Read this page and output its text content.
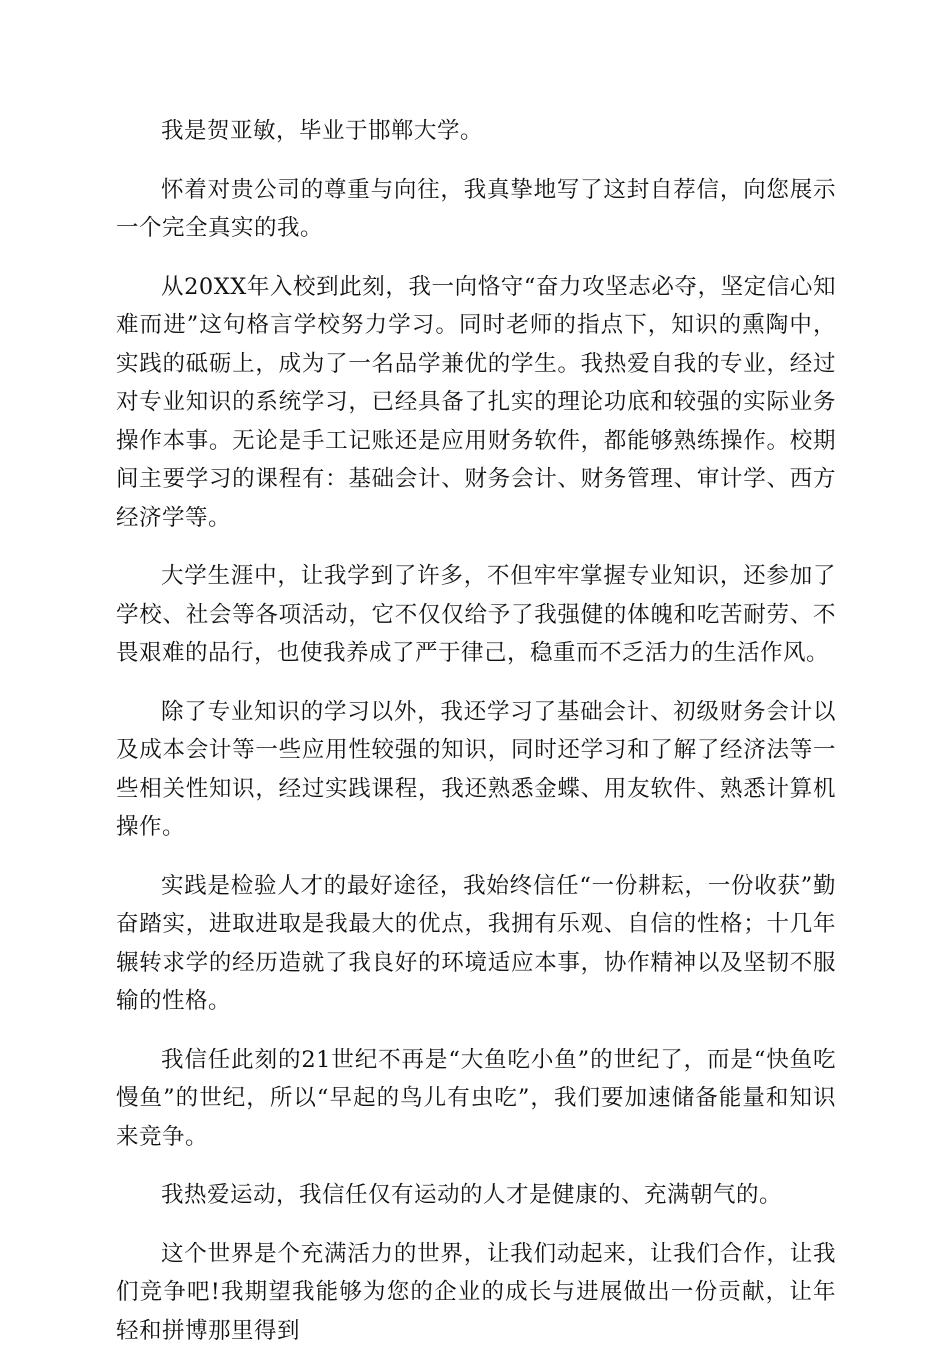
我是贺亚敏，毕业于邯郸大学。

怀着对贵公司的尊重与向往，我真挚地写了这封自荐信，向您展示一个完全真实的我。

从20XX年入校到此刻，我一向恪守“奋力攻坚志必夺，坚定信心知难而进”这句格言学校努力学习。同时老师的指点下，知识的熏陶中，实践的砥砺上，成为了一名品学兼优的学生。我热爱自我的专业，经过对专业知识的系统学习，已经具备了扎实的理论功底和较强的实际业务操作本事。无论是手工记账还是应用财务软件，都能够熟练操作。校期间主要学习的课程有：基础会计、财务会计、财务管理、审计学、西方经济学等。

大学生涯中，让我学到了许多，不但牢牢掌握专业知识，还参加了学校、社会等各项活动，它不仅仅给予了我强健的体魄和吃苦耐劳、不畏艰难的品行，也使我养成了严于律己，稳重而不乏活力的生活作风。

除了专业知识的学习以外，我还学习了基础会计、初级财务会计以及成本会计等一些应用性较强的知识，同时还学习和了解了经济法等一些相关性知识，经过实践课程，我还熟悉金蝶、用友软件、熟悉计算机操作。

实践是检验人才的最好途径，我始终信任“一份耕耘，一份收获”勤奋踏实，进取进取是我最大的优点，我拥有乐观、自信的性格；十几年辗转求学的经历造就了我良好的环境适应本事，协作精神以及坚韧不服输的性格。

我信任此刻的21世纪不再是“大鱼吃小鱼”的世纪了，而是“快鱼吃慢鱼”的世纪，所以“早起的鸟儿有虫吃”，我们要加速储备能量和知识来竞争。

我热爱运动，我信任仅有运动的人才是健康的、充满朝气的。

这个世界是个充满活力的世界，让我们动起来，让我们合作，让我们竞争吧!我期望我能够为您的企业的成长与进展做出一份贡献，让年轻和拼博那里得到
